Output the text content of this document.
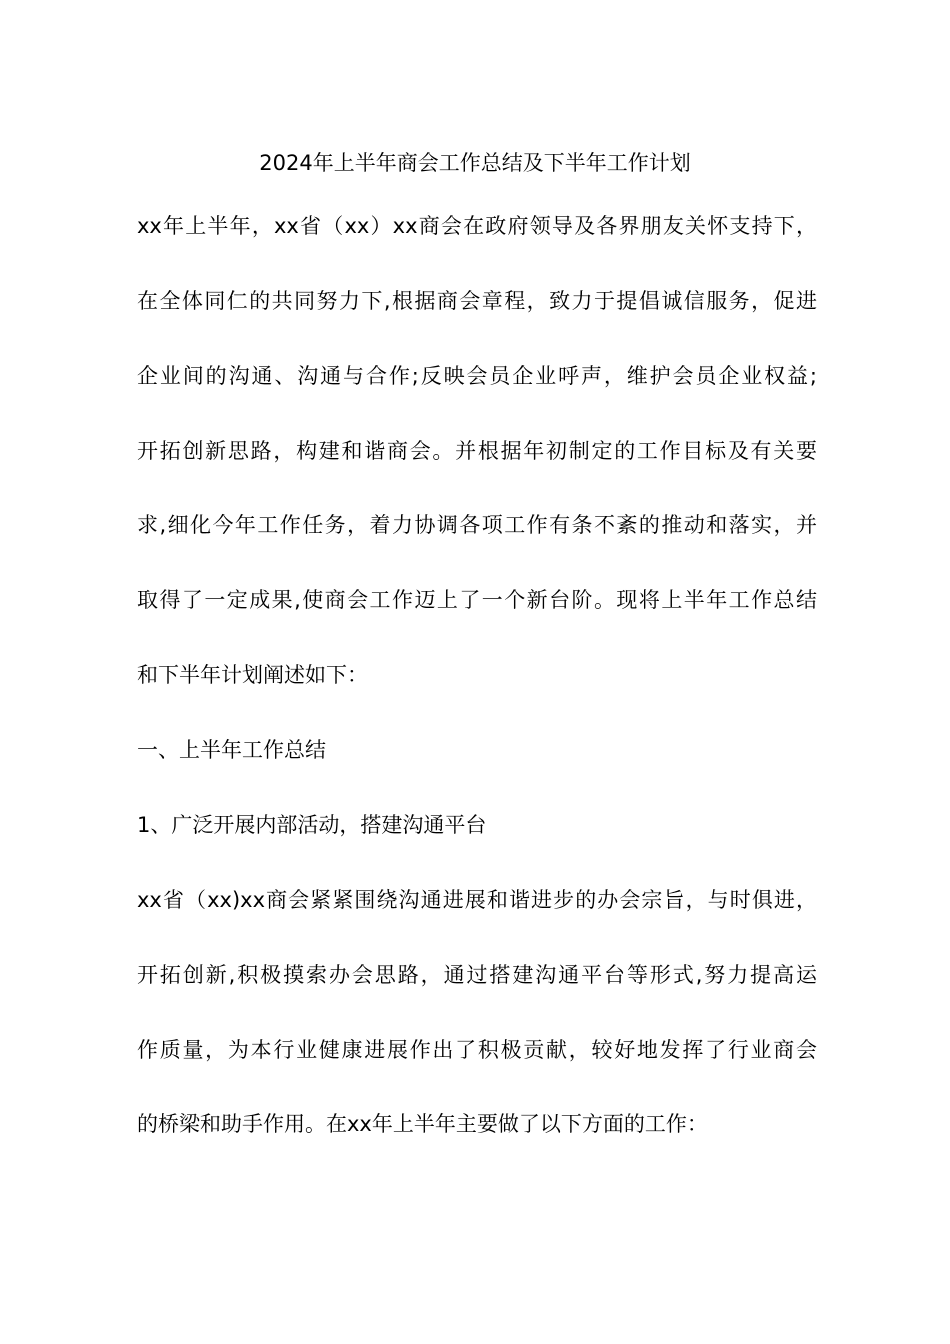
2024年上半年商会工作总结及下半年工作计划
xx年上半年，xx省（xx）xx商会在政府领导及各界朋友关怀支持下，
在全体同仁的共同努力下,根据商会章程，致力于提倡诚信服务，促进
企业间的沟通、沟通与合作;反映会员企业呼声，维护会员企业权益;
开拓创新思路，构建和谐商会。并根据年初制定的工作目标及有关要
求,细化今年工作任务，着力协调各项工作有条不紊的推动和落实，并
取得了一定成果,使商会工作迈上了一个新台阶。现将上半年工作总结
和下半年计划阐述如下：
一、上半年工作总结
1、广泛开展内部活动，搭建沟通平台
xx省（xx)xx商会紧紧围绕沟通进展和谐进步的办会宗旨，与时俱进，
开拓创新,积极摸索办会思路，通过搭建沟通平台等形式,努力提高运
作质量，为本行业健康进展作出了积极贡献，较好地发挥了行业商会
的桥梁和助手作用。在xx年上半年主要做了以下方面的工作：
